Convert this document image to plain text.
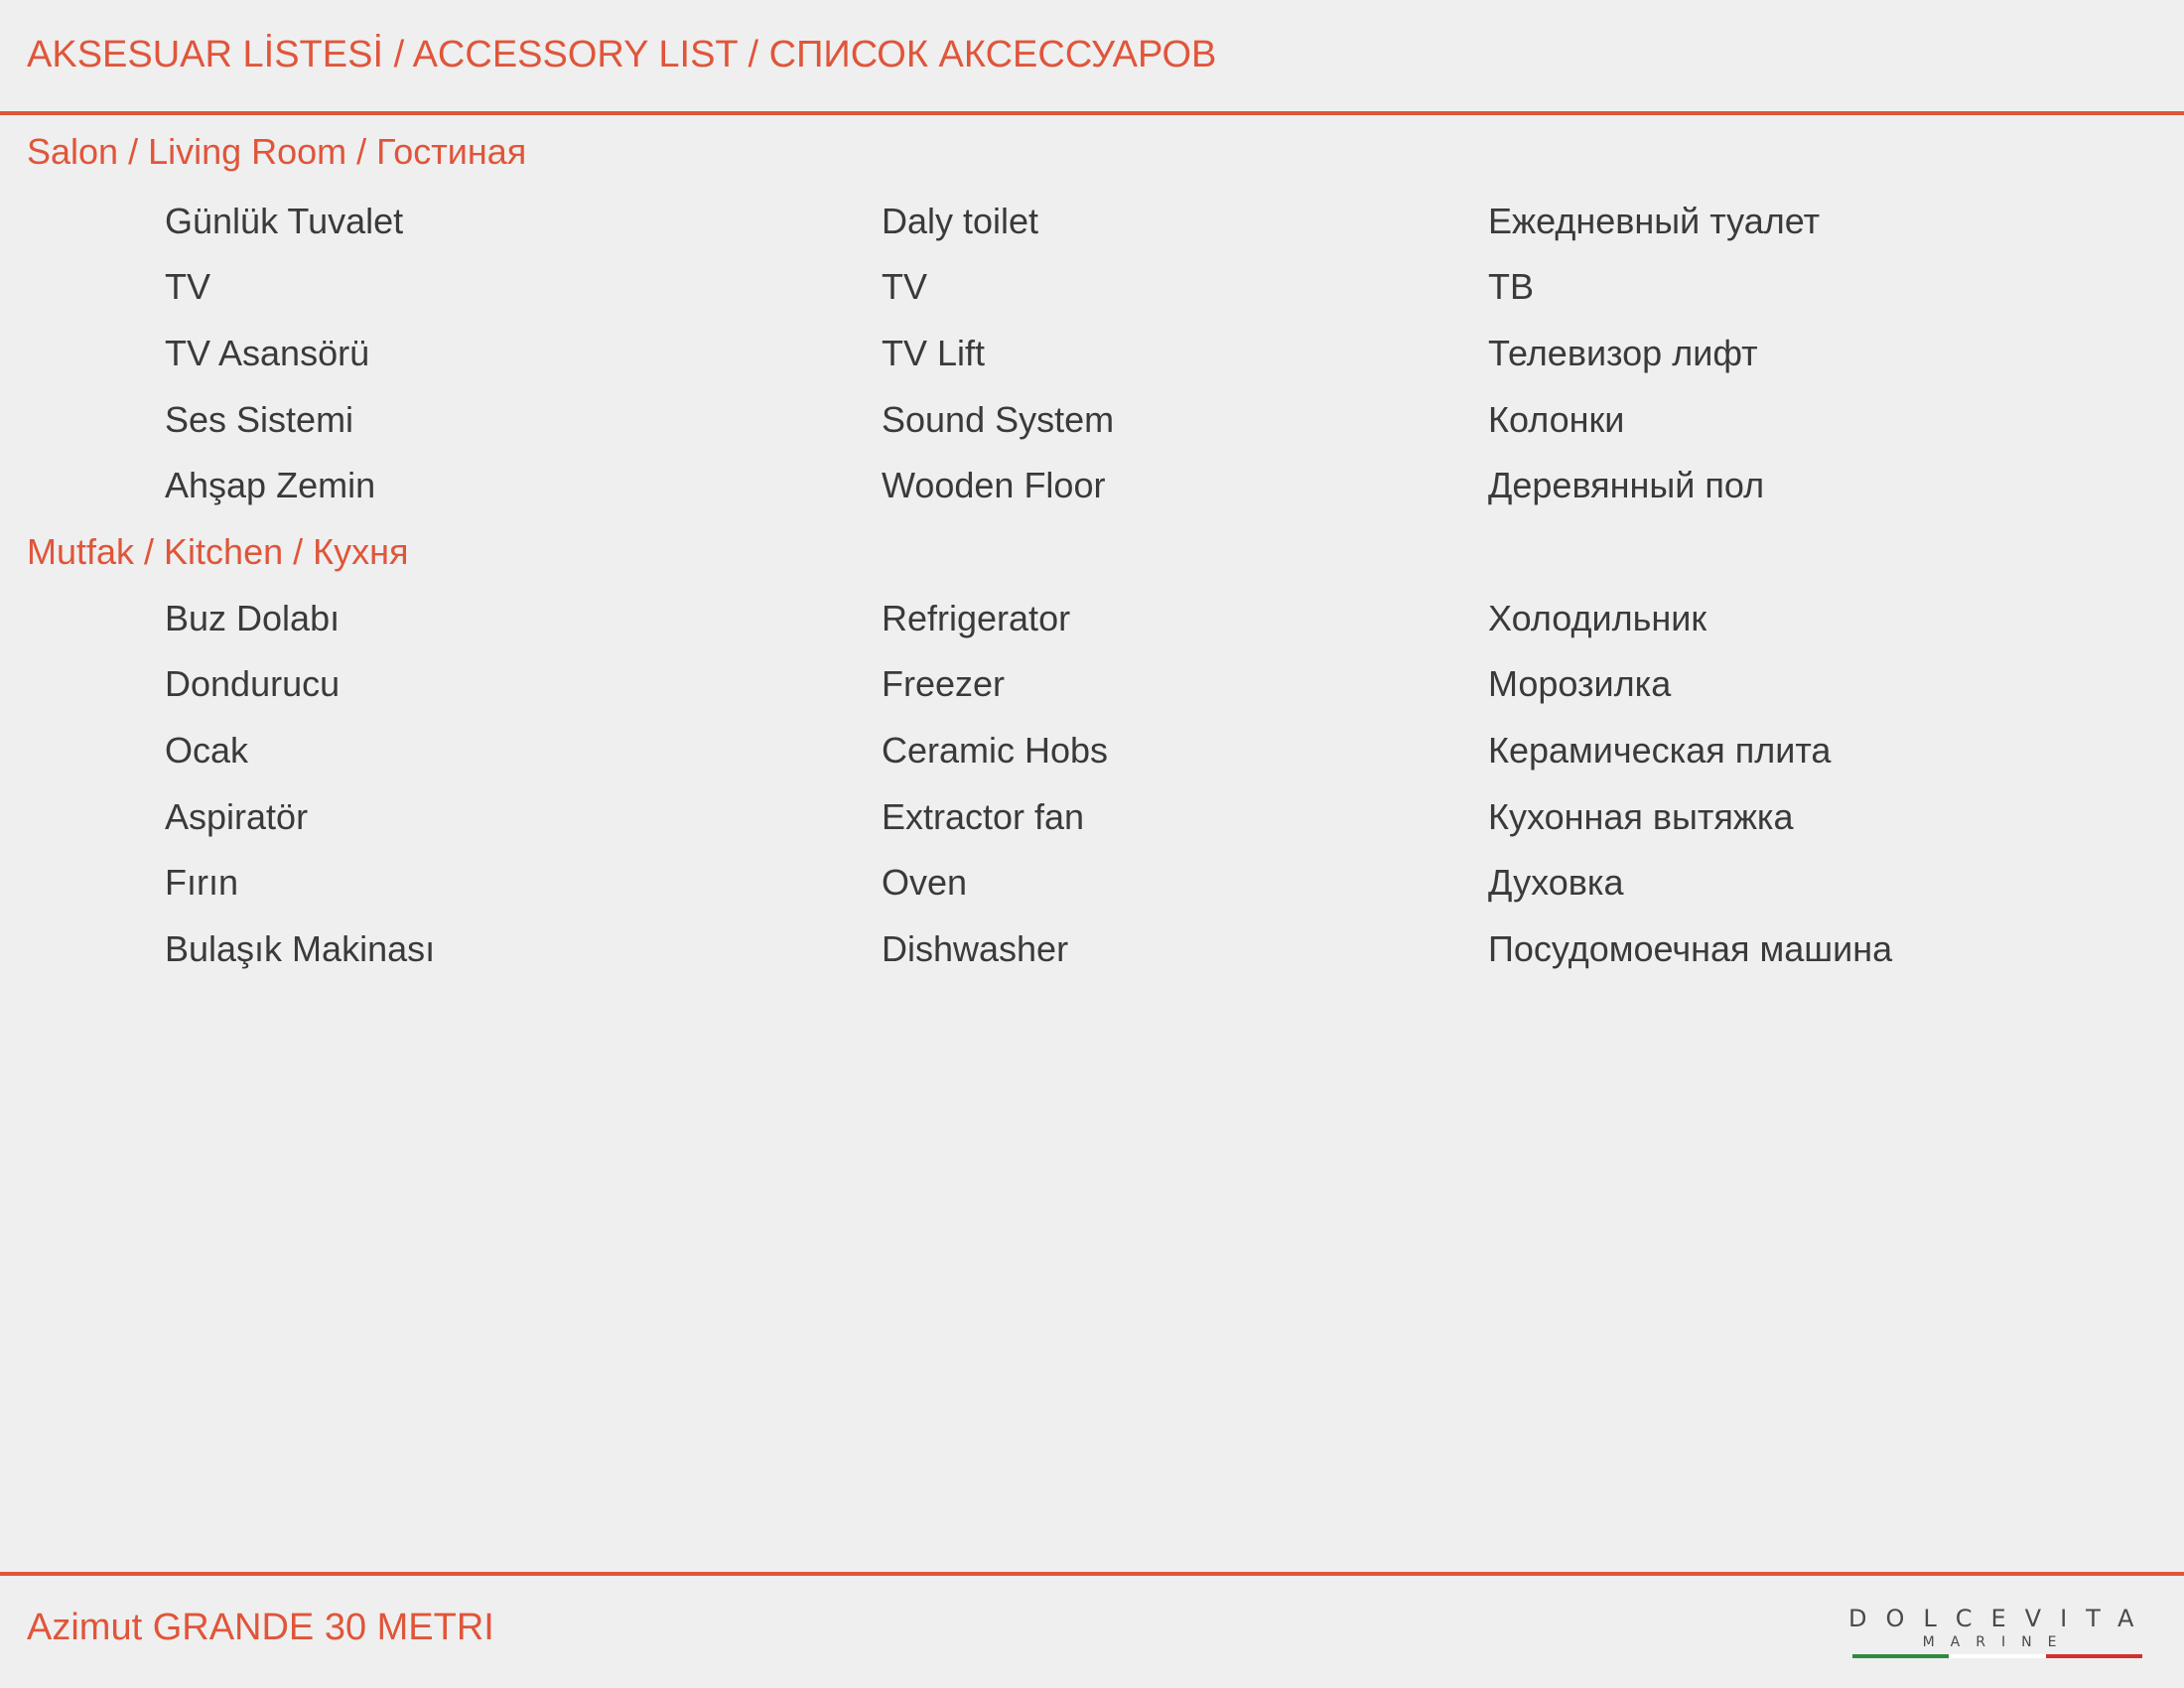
AKSESUAR LİSTESİ / ACCESSORY LIST / СПИСОК АКСЕССУАРОВ
Salon / Living Room / Гостиная
Günlük Tuvalet	Daly toilet	Ежедневный туалет
TV	TV	ТВ
TV Asansörü	TV Lift	Телевизор лифт
Ses Sistemi	Sound System	Колонки
Ahşap Zemin	Wooden Floor	Деревянный пол
Mutfak / Kitchen / Кухня
Buz Dolabı	Refrigerator	Холодильник
Dondurucu	Freezer	Морозилка
Ocak	Ceramic Hobs	Керамическая плита
Aspiratör	Extractor fan	Кухонная вытяжка
Fırın	Oven	Духовка
Bulaşık Makinası	Dishwasher	Посудомоечная машина
Azimut GRANDE 30 METRI	DOLCEVITA
MARINE
